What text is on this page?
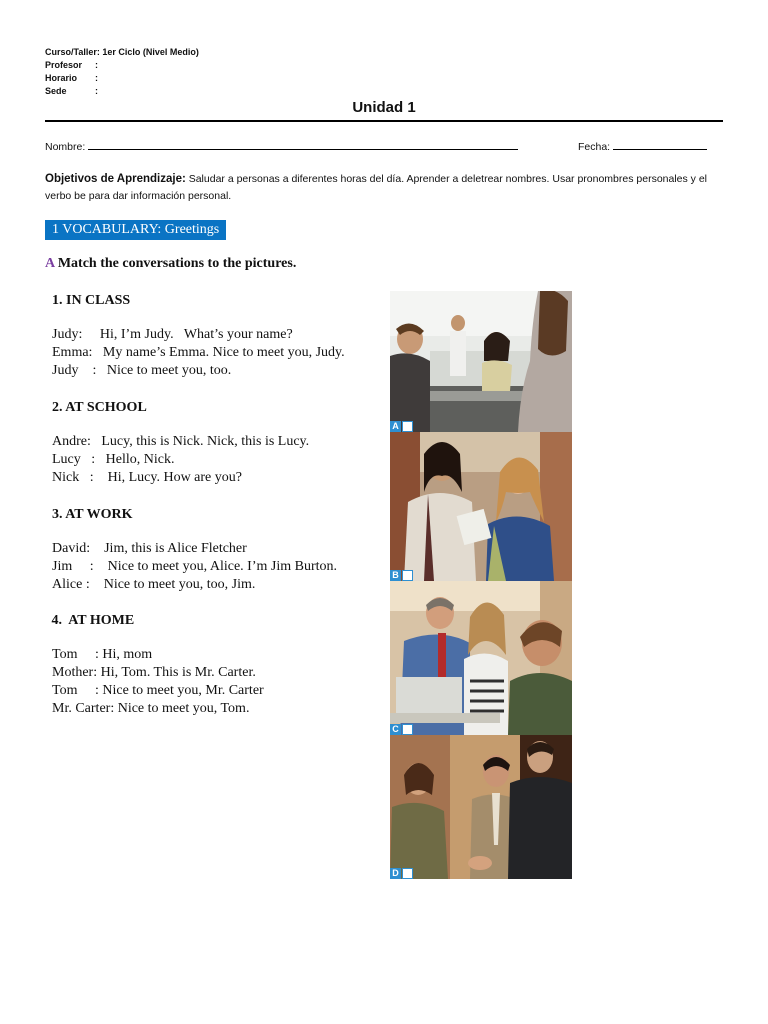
Curso/Taller:
1er Ciclo (Nivel Medio)
Profesor	:
Horario	:
Sede	:
Unidad 1
Nombre:	Fecha:
Objetivos de Aprendizaje: Saludar a personas a diferentes horas del día. Aprender a deletrear nombres. Usar pronombres personales y el verbo be para dar información personal.
1 VOCABULARY: Greetings
A Match the conversations to the pictures.
1. IN CLASS
Judy:     Hi, I’m Judy.   What’s your name?
Emma:   My name’s Emma. Nice to meet you, Judy.
Judy    :   Nice to meet you, too.
2. AT SCHOOL
Andre:   Lucy, this is Nick. Nick, this is Lucy.
Lucy   :   Hello, Nick.
Nick   :    Hi, Lucy. How are you?
3. AT WORK
David:    Jim, this is Alice Fletcher
Jim     :    Nice to meet you, Alice. I’m Jim Burton.
Alice :    Nice to meet you, too, Jim.
4.  AT HOME
Tom     : Hi, mom
Mother: Hi, Tom. This is Mr. Carter.
Tom     : Nice to meet you, Mr. Carter
Mr. Carter: Nice to meet you, Tom.
A
B
C
D
